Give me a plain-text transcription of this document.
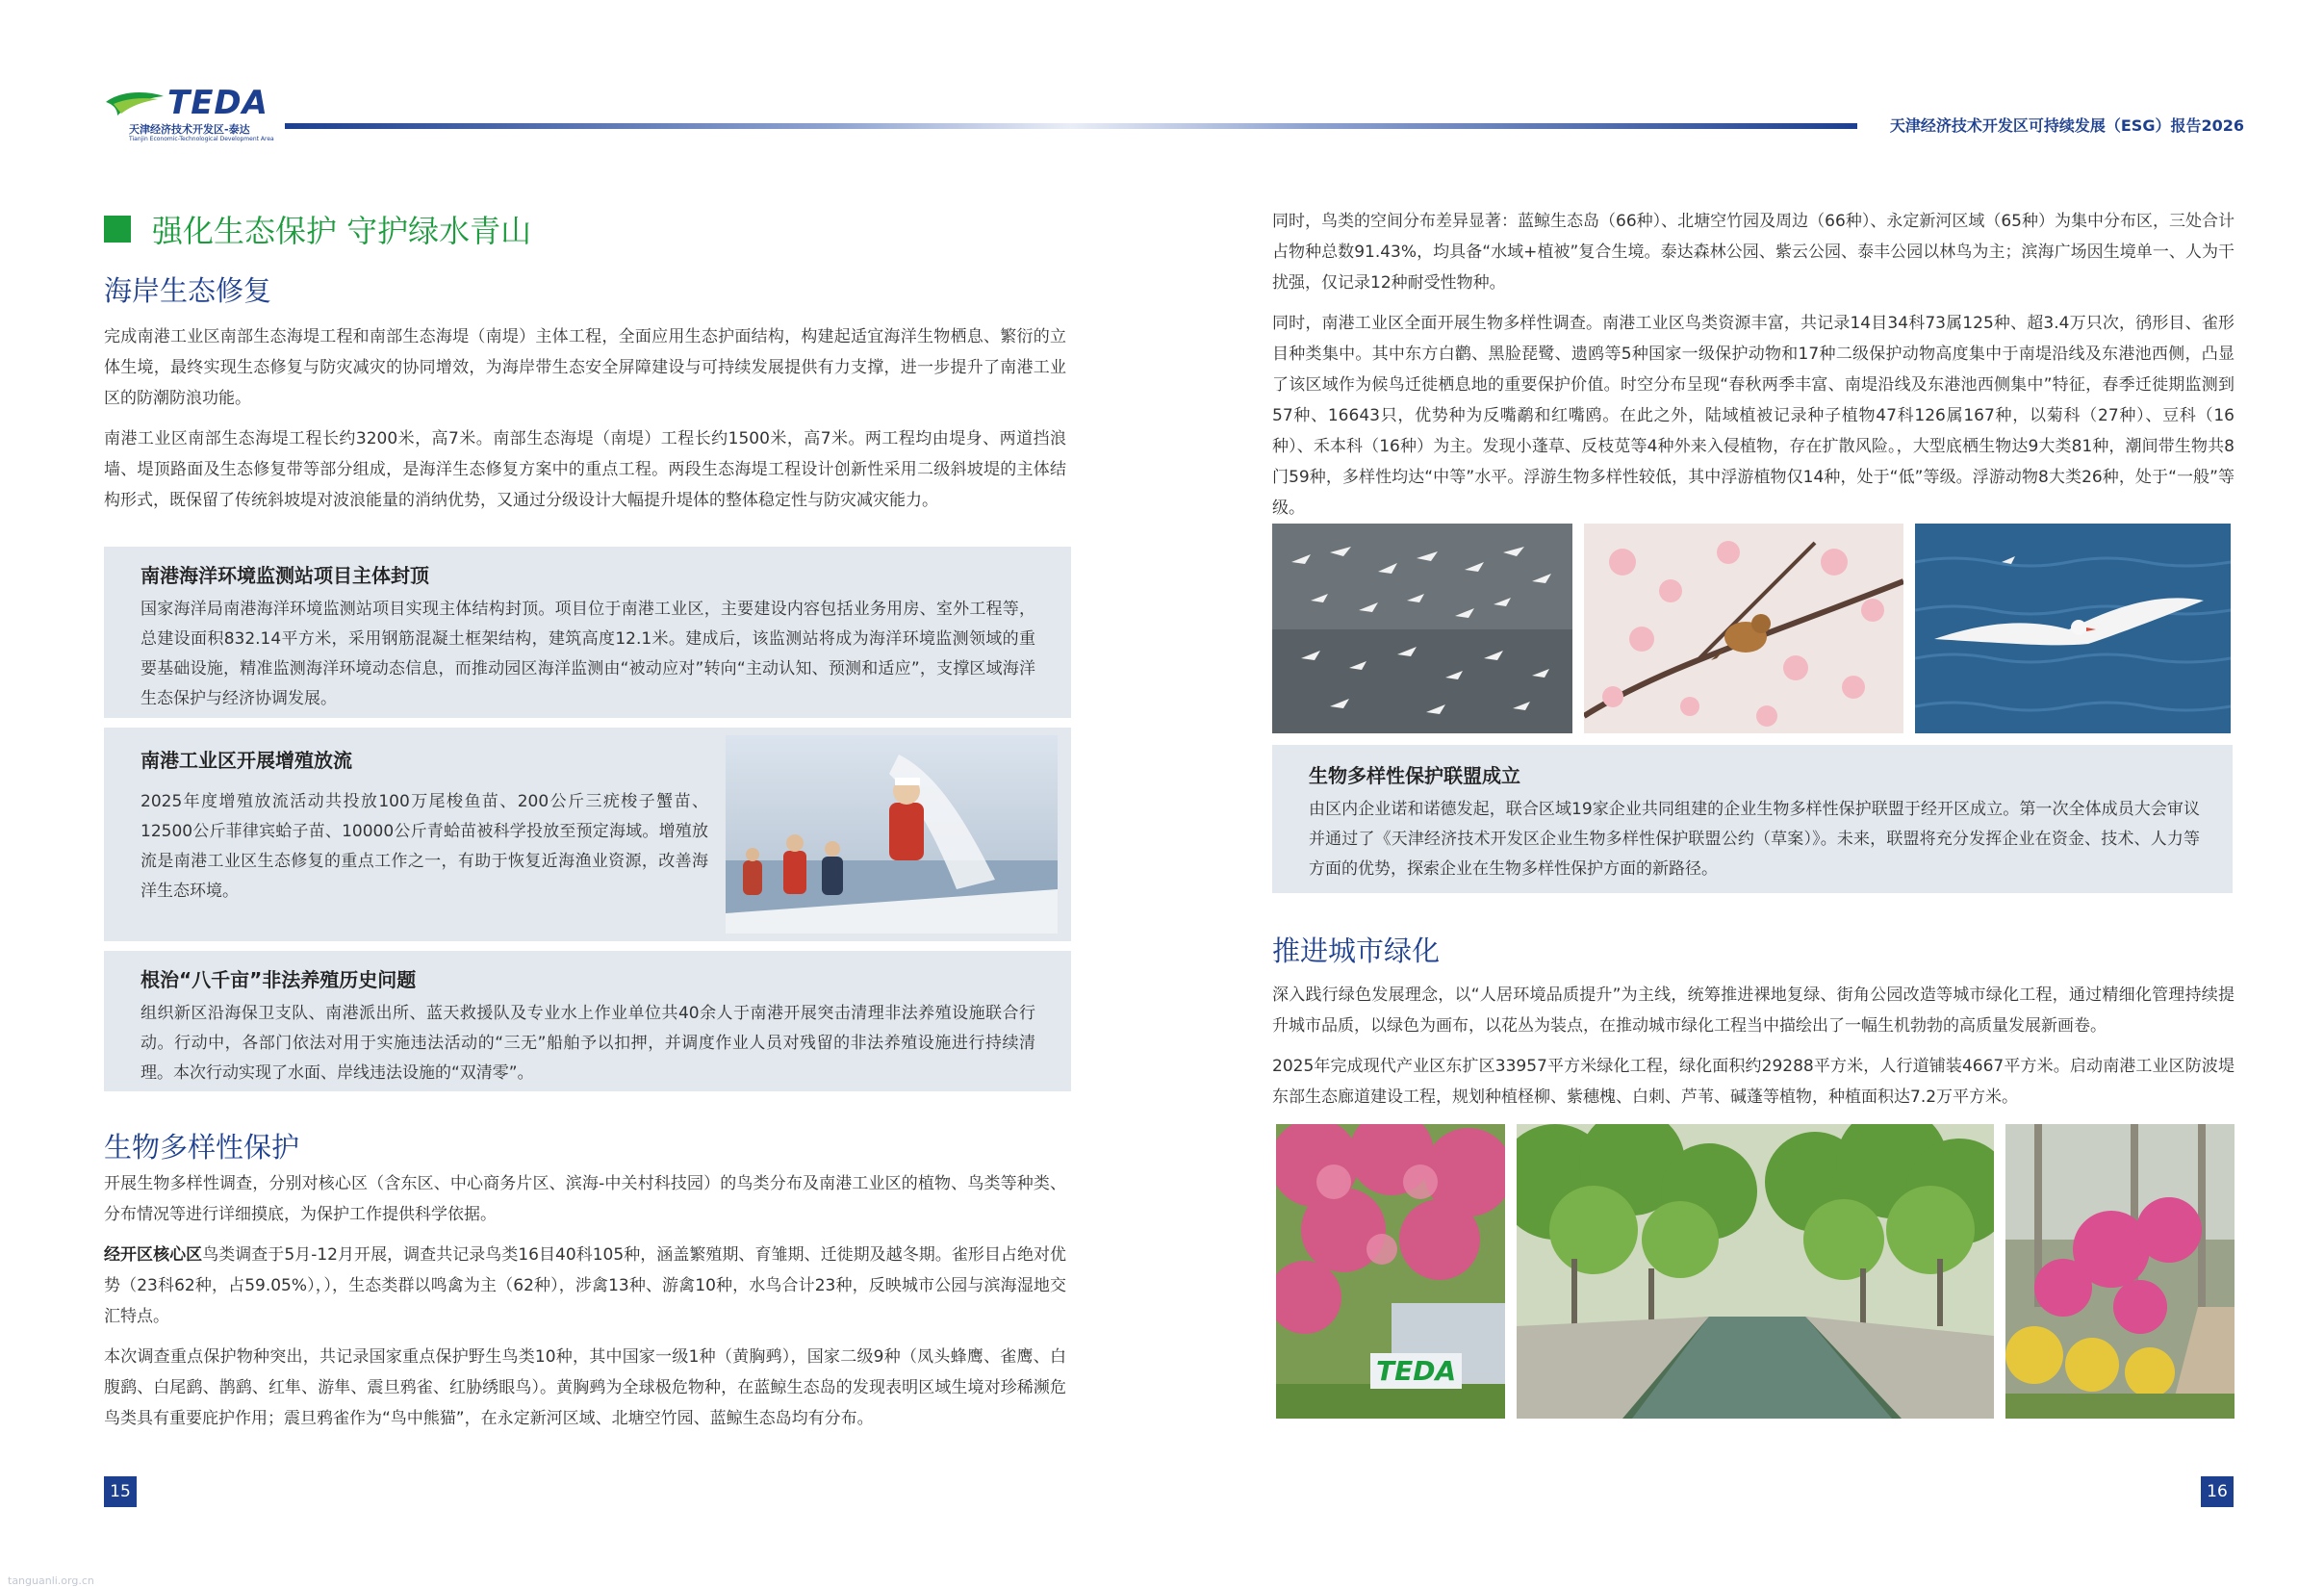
TEDA
天津经济技术开发区-泰达
Tianjin Economic-Technological Development Area
天津经济技术开发区可持续发展（ESG）报告2026
强化生态保护 守护绿水青山
海岸生态修复

完成南港工业区南部生态海堤工程和南部生态海堤（南堤）主体工程，全面应用生态护面结构，构建起适宜海洋生物栖息、繁衍的立体生境，最终实现生态修复与防灾减灾的协同增效，为海岸带生态安全屏障建设与可持续发展提供有力支撑，进一步提升了南港工业区的防潮防浪功能。

南港工业区南部生态海堤工程长约3200米，高7米。南部生态海堤（南堤）工程长约1500米，高7米。两工程均由堤身、两道挡浪墙、堤顶路面及生态修复带等部分组成，是海洋生态修复方案中的重点工程。两段生态海堤工程设计创新性采用二级斜坡堤的主体结构形式，既保留了传统斜坡堤对波浪能量的消纳优势，又通过分级设计大幅提升堤体的整体稳定性与防灾减灾能力。

南港海洋环境监测站项目主体封顶

国家海洋局南港海洋环境监测站项目实现主体结构封顶。项目位于南港工业区，主要建设内容包括业务用房、室外工程等，总建设面积832.14平方米，采用钢筋混凝土框架结构，建筑高度12.1米。建成后，该监测站将成为海洋环境监测领域的重要基础设施，精准监测海洋环境动态信息，而推动园区海洋监测由“被动应对”转向“主动认知、预测和适应”，支撑区域海洋生态保护与经济协调发展。

南港工业区开展增殖放流

2025年度增殖放流活动共投放100万尾梭鱼苗、200公斤三疣梭子蟹苗、12500公斤菲律宾蛤子苗、10000公斤青蛤苗被科学投放至预定海域。增殖放流是南港工业区生态修复的重点工作之一，有助于恢复近海渔业资源，改善海洋生态环境。

根治“八千亩”非法养殖历史问题

组织新区沿海保卫支队、南港派出所、蓝天救援队及专业水上作业单位共40余人于南港开展突击清理非法养殖设施联合行动。行动中，各部门依法对用于实施违法活动的“三无”船舶予以扣押，并调度作业人员对残留的非法养殖设施进行持续清理。本次行动实现了水面、岸线违法设施的“双清零”。

生物多样性保护

开展生物多样性调查，分别对核心区（含东区、中心商务片区、滨海-中关村科技园）的鸟类分布及南港工业区的植物、鸟类等种类、分布情况等进行详细摸底，为保护工作提供科学依据。

经开区核心区鸟类调查于5月-12月开展，调查共记录鸟类16目40科105种，涵盖繁殖期、育雏期、迁徙期及越冬期。雀形目占绝对优势（23科62种，占59.05%），），生态类群以鸣禽为主（62种），涉禽13种、游禽10种，水鸟合计23种，反映城市公园与滨海湿地交汇特点。

本次调查重点保护物种突出，共记录国家重点保护野生鸟类10种，其中国家一级1种（黄胸鹀），国家二级9种（凤头蜂鹰、雀鹰、白腹鹞、白尾鹞、鹊鹞、红隼、游隼、震旦鸦雀、红胁绣眼鸟）。黄胸鹀为全球极危物种，在蓝鲸生态岛的发现表明区域生境对珍稀濒危鸟类具有重要庇护作用；震旦鸦雀作为“鸟中熊猫”，在永定新河区域、北塘空竹园、蓝鲸生态岛均有分布。

15

同时，鸟类的空间分布差异显著：蓝鲸生态岛（66种）、北塘空竹园及周边（66种）、永定新河区域（65种）为集中分布区，三处合计占物种总数91.43%，均具备“水域+植被”复合生境。泰达森林公园、紫云公园、泰丰公园以林鸟为主；滨海广场因生境单一、人为干扰强，仅记录12种耐受性物种。

同时，南港工业区全面开展生物多样性调查。南港工业区鸟类资源丰富，共记录14目34科73属125种、超3.4万只次，鸻形目、雀形目种类集中。其中东方白鹳、黑脸琵鹭、遗鸥等5种国家一级保护动物和17种二级保护动物高度集中于南堤沿线及东港池西侧，凸显了该区域作为候鸟迁徙栖息地的重要保护价值。时空分布呈现“春秋两季丰富、南堤沿线及东港池西侧集中”特征，春季迁徙期监测到57种、16643只，优势种为反嘴鹬和红嘴鸥。在此之外，陆域植被记录种子植物47科126属167种，以菊科（27种）、豆科（16种）、禾本科（16种）为主。发现小蓬草、反枝苋等4种外来入侵植物，存在扩散风险。，大型底栖生物达9大类81种，潮间带生物共8门59种，多样性均达“中等”水平。浮游生物多样性较低，其中浮游植物仅14种，处于“低”等级。浮游动物8大类26种，处于“一般”等级。

生物多样性保护联盟成立

由区内企业诺和诺德发起，联合区域19家企业共同组建的企业生物多样性保护联盟于经开区成立。第一次全体成员大会审议并通过了《天津经济技术开发区企业生物多样性保护联盟公约（草案）》。未来，联盟将充分发挥企业在资金、技术、人力等方面的优势，探索企业在生物多样性保护方面的新路径。

推进城市绿化

深入践行绿色发展理念，以“人居环境品质提升”为主线，统筹推进裸地复绿、街角公园改造等城市绿化工程，通过精细化管理持续提升城市品质，以绿色为画布，以花丛为装点，在推动城市绿化工程当中描绘出了一幅生机勃勃的高质量发展新画卷。

2025年完成现代产业区东扩区33957平方米绿化工程，绿化面积约29288平方米，人行道铺装4667平方米。启动南港工业区防波堤东部生态廊道建设工程，规划种植柽柳、紫穗槐、白刺、芦苇、碱蓬等植物，种植面积达7.2万平方米。

TEDA
16
tanguanli.org.cn
